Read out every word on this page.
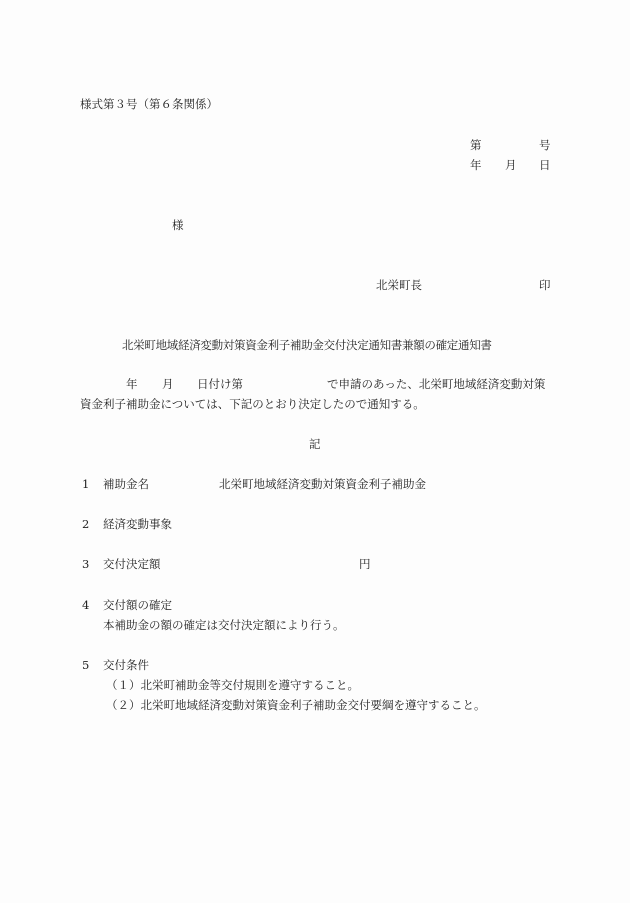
様式第３号（第６条関係）
第	号
年 月 日
様
北栄町長	印
北栄町地域経済変動対策資金利子補助金交付決定通知書兼額の確定通知書
年 月 日付け第	で申請のあった、北栄町地域経済変動対策
資金利子補助金については、下記のとおり決定したので通知する。
記
1 補助金名	北栄町地域経済変動対策資金利子補助金
2 経済変動事象
3 交付決定額	円
4 交付額の確定
本補助金の額の確定は交付決定額により行う。
5 交付条件
（１）北栄町補助金等交付規則を遵守すること。
（２）北栄町地域経済変動対策資金利子補助金交付要綱を遵守すること。
